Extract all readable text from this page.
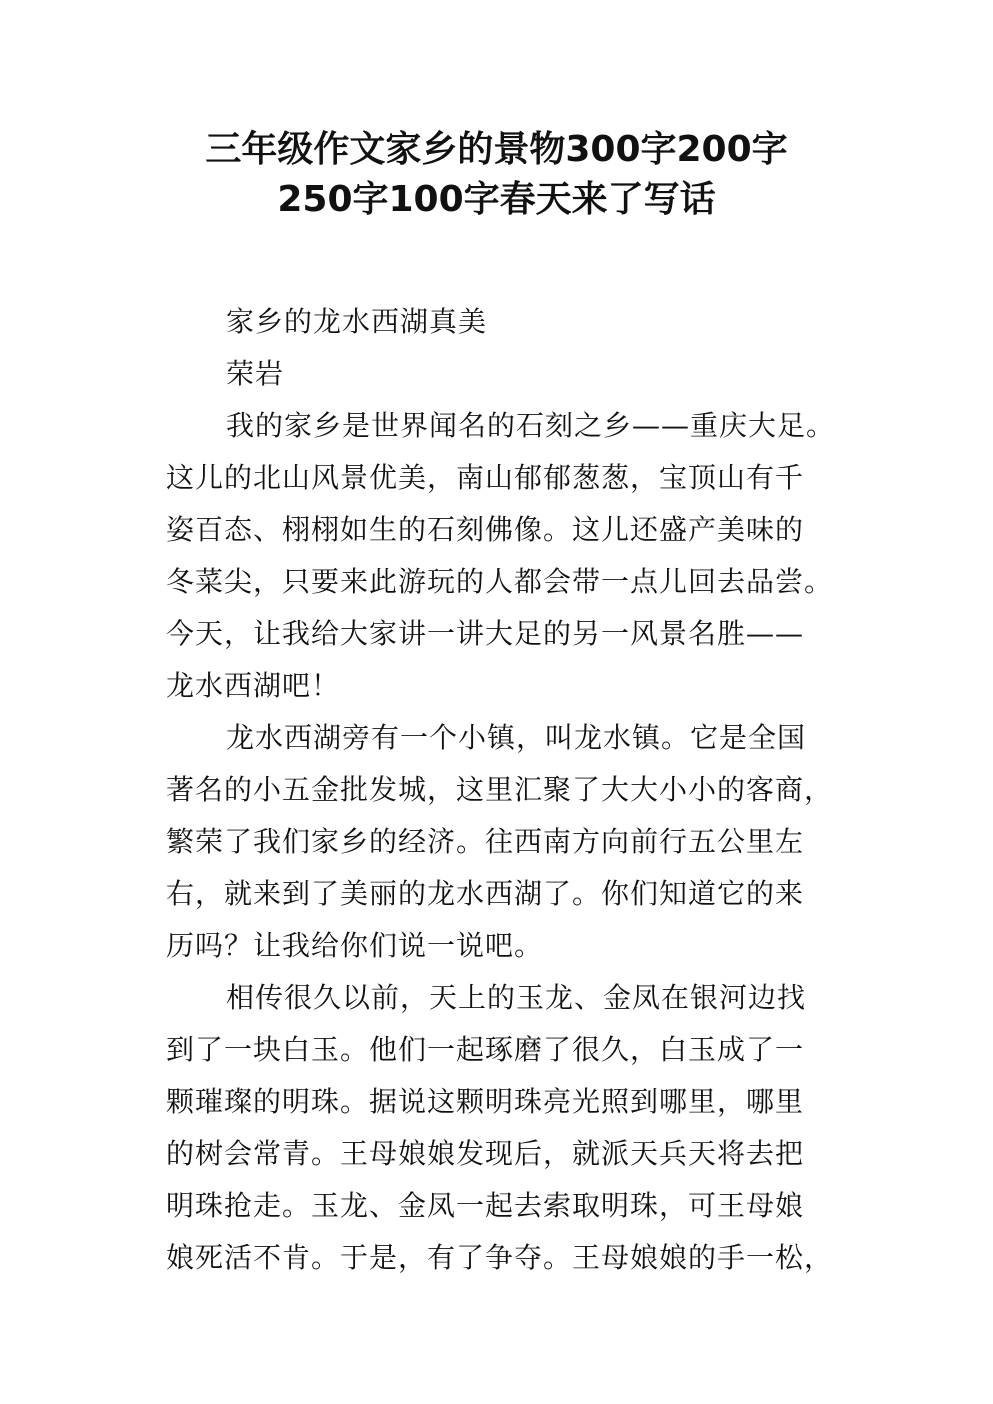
三年级作文家乡的景物300字200字
250字100字春天来了写话
家乡的龙水西湖真美
荣岩
我的家乡是世界闻名的石刻之乡——重庆大足。
这儿的北山风景优美，南山郁郁葱葱，宝顶山有千
姿百态、栩栩如生的石刻佛像。这儿还盛产美味的
冬菜尖，只要来此游玩的人都会带一点儿回去品尝。
今天，让我给大家讲一讲大足的另一风景名胜——
龙水西湖吧！
龙水西湖旁有一个小镇，叫龙水镇。它是全国
著名的小五金批发城，这里汇聚了大大小小的客商，
繁荣了我们家乡的经济。往西南方向前行五公里左
右，就来到了美丽的龙水西湖了。你们知道它的来
历吗？让我给你们说一说吧。
相传很久以前，天上的玉龙、金凤在银河边找
到了一块白玉。他们一起琢磨了很久，白玉成了一
颗璀璨的明珠。据说这颗明珠亮光照到哪里，哪里
的树会常青。王母娘娘发现后，就派天兵天将去把
明珠抢走。玉龙、金凤一起去索取明珠，可王母娘
娘死活不肯。于是，有了争夺。王母娘娘的手一松，
